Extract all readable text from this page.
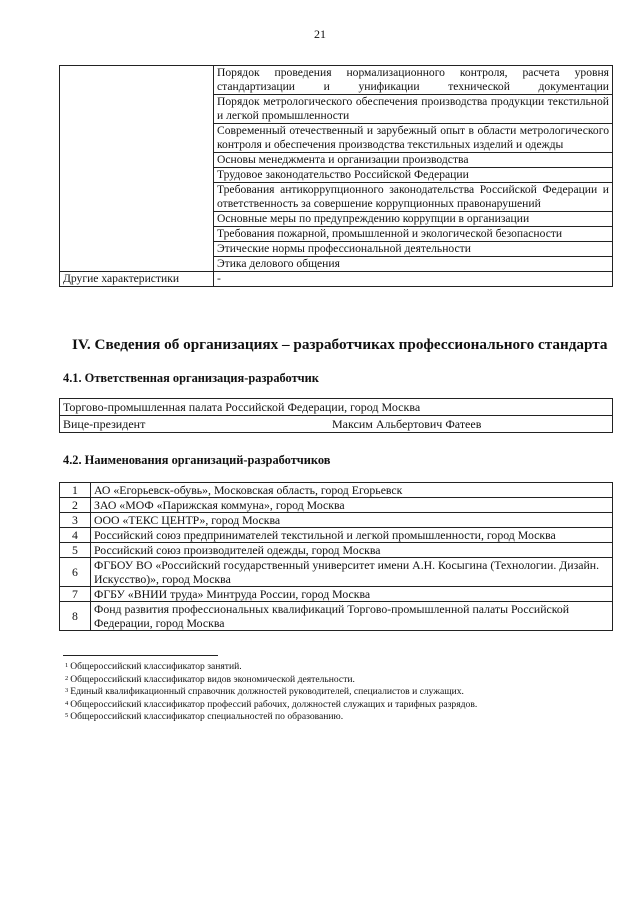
21
	Порядок проведения нормализационного контроля, расчета уровня стандартизации и унификации технической документации
	Порядок метрологического обеспечения производства продукции текстильной и легкой промышленности
	Современный отечественный и зарубежный опыт в области метрологического контроля и обеспечения производства текстильных изделий и одежды
	Основы менеджмента и организации производства
	Трудовое законодательство Российской Федерации
	Требования антикоррупционного законодательства Российской Федерации и ответственность за совершение коррупционных правонарушений
	Основные меры по предупреждению коррупции в организации
	Требования пожарной, промышленной и экологической безопасности
	Этические нормы профессиональной деятельности
	Этика делового общения
Другие характеристики	-
IV. Сведения об организациях – разработчиках профессионального стандарта
4.1. Ответственная организация-разработчик
Торгово-промышленная палата Российской Федерации, город Москва
Вице-президент	Максим Альбертович Фатеев
4.2. Наименования организаций-разработчиков
1	АО «Егорьевск-обувь», Московская область, город Егорьевск
2	ЗАО «МОФ «Парижская коммуна», город Москва
3	ООО «ТЕКС ЦЕНТР», город Москва
4	Российский союз предпринимателей текстильной и легкой промышленности, город Москва
5	Российский союз производителей одежды, город Москва
6	ФГБОУ ВО «Российский государственный университет имени А.Н. Косыгина (Технологии. Дизайн. Искусство)», город Москва
7	ФГБУ «ВНИИ труда» Минтруда России, город Москва
8	Фонд развития профессиональных квалификаций Торгово-промышленной палаты Российской Федерации, город Москва
$^1$ Общероссийский классификатор занятий.
$^2$ Общероссийский классификатор видов экономической деятельности.
$^3$ Единый квалификационный справочник должностей руководителей, специалистов и служащих.
$^4$ Общероссийский классификатор профессий рабочих, должностей служащих и тарифных разрядов.
$^5$ Общероссийский классификатор специальностей по образованию.
